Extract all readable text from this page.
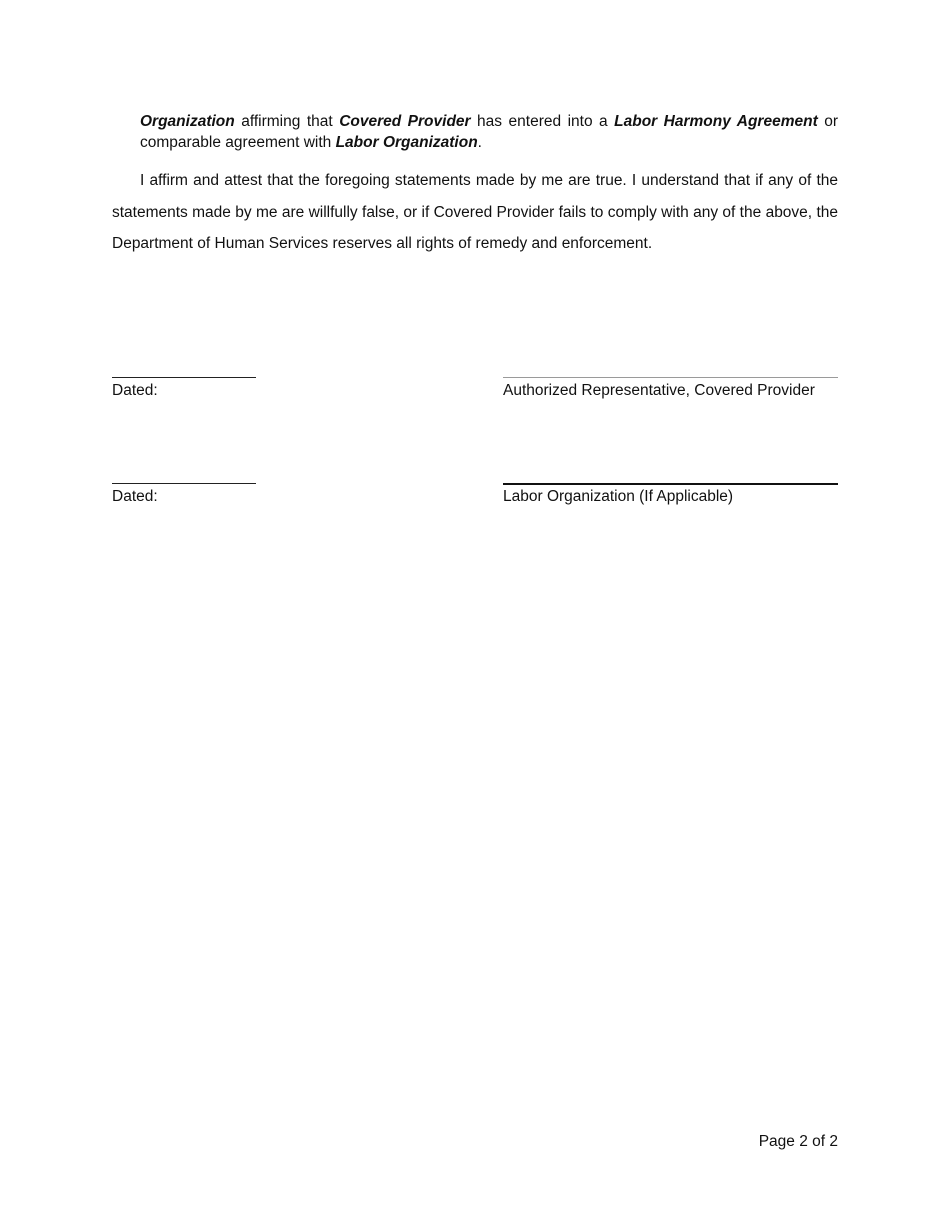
Organization affirming that Covered Provider has entered into a Labor Harmony Agreement or comparable agreement with Labor Organization.

I affirm and attest that the foregoing statements made by me are true. I understand that if any of the statements made by me are willfully false, or if Covered Provider fails to comply with any of the above, the Department of Human Services reserves all rights of remedy and enforcement.

Dated:	Authorized Representative, Covered Provider
Dated:	Labor Organization (If Applicable)
Page 2 of 2
